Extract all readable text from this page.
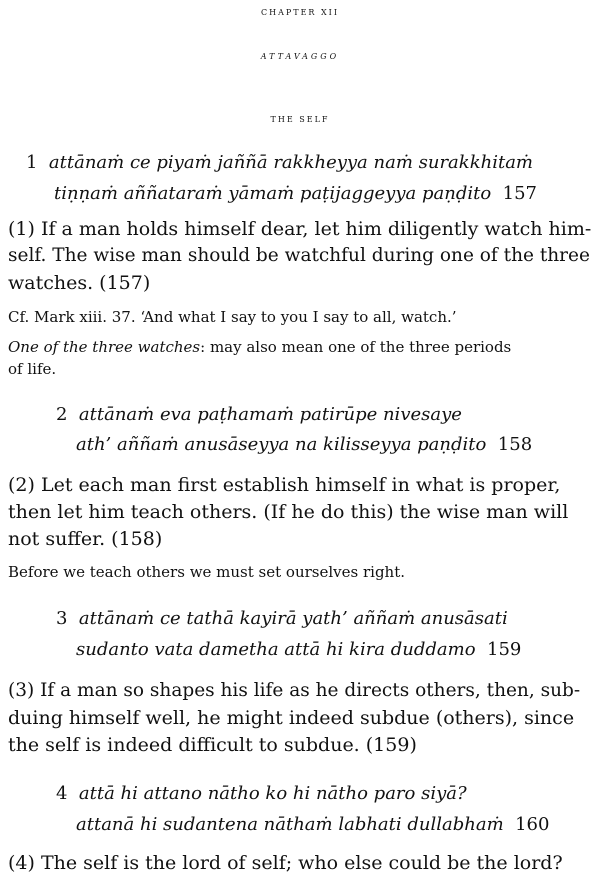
CHAPTER XII
ATTAVAGGO
THE SELF
1 attānaṁ ce piyaṁ jaññā rakkheyya naṁ surakkhitaṁ
tiṇṇaṁ aññataraṁ yāmaṁ paṭijaggeyya paṇḍito 157
(1) If a man holds himself dear, let him diligently watch him-
self. The wise man should be watchful during one of the three
watches. (157)
Cf. Mark xiii. 37. ‘And what I say to you I say to all, watch.’
One of the three watches: may also mean one of the three periods
of life.
2 attānaṁ eva paṭhamaṁ patirūpe nivesaye
ath’ aññaṁ anusāseyya na kilisseyya paṇḍito 158
(2) Let each man first establish himself in what is proper,
then let him teach others. (If he do this) the wise man will
not suffer. (158)
Before we teach others we must set ourselves right.
3 attānaṁ ce tathā kayirā yath’ aññaṁ anusāsati
sudanto vata dametha attā hi kira duddamo 159
(3) If a man so shapes his life as he directs others, then, sub-
duing himself well, he might indeed subdue (others), since
the self is indeed difficult to subdue. (159)
4 attā hi attano nātho ko hi nātho paro siyā?
attanā hi sudantena nāthaṁ labhati dullabhaṁ 160
(4) The self is the lord of self; who else could be the lord?
